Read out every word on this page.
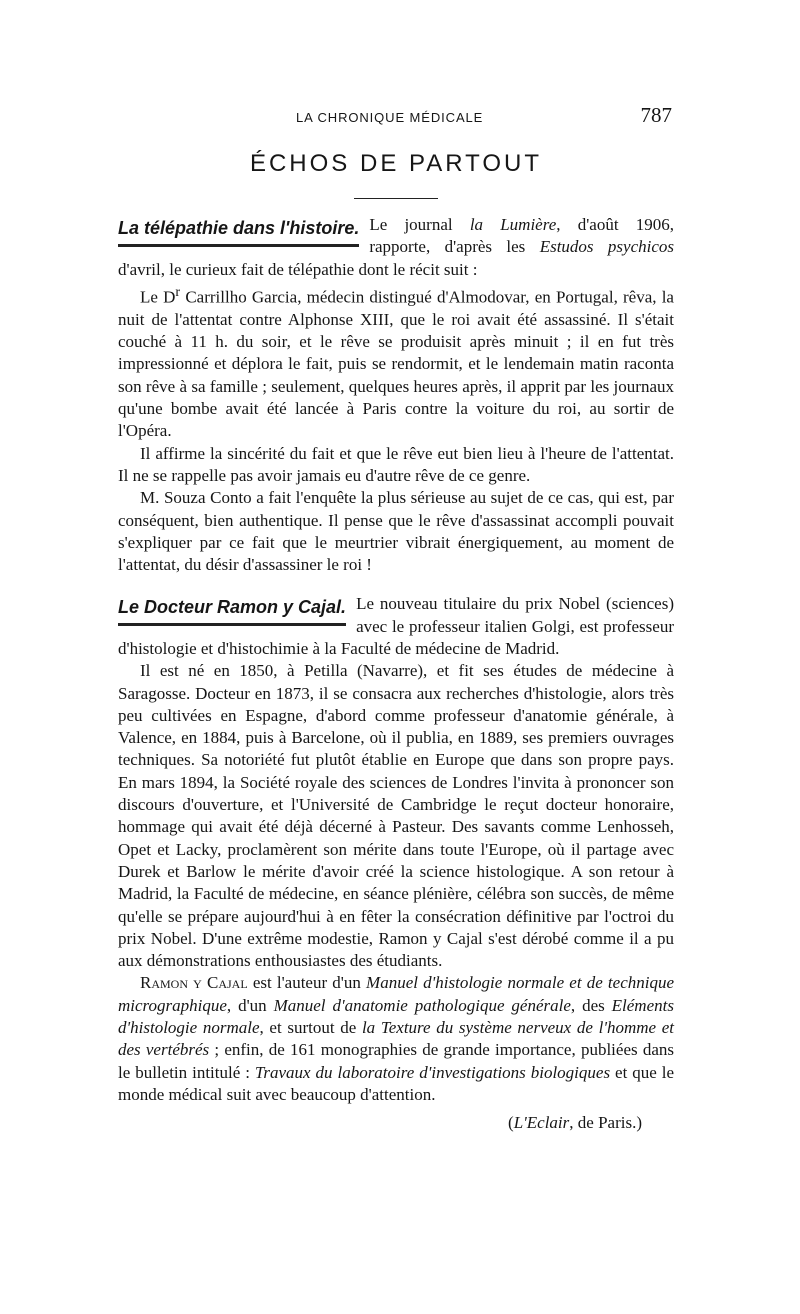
LA CHRONIQUE MÉDICALE	787
ÉCHOS DE PARTOUT
La télépathie dans l'histoire. Le journal la Lumière, d'août 1906, rapporte, d'après les Estudos psychicos d'avril, le curieux fait de télépathie dont le récit suit :

Le $D^r$ Carrillho Garcia, médecin distingué d'Almodovar, en Portugal, rêva, la nuit de l'attentat contre Alphonse XIII, que le roi avait été assassiné. Il s'était couché à 11 h. du soir, et le rêve se produisit après minuit ; il en fut très impressionné et déplora le fait, puis se rendormit, et le lendemain matin raconta son rêve à sa famille ; seulement, quelques heures après, il apprit par les journaux qu'une bombe avait été lancée à Paris contre la voiture du roi, au sortir de l'Opéra.

Il affirme la sincérité du fait et que le rêve eut bien lieu à l'heure de l'attentat. Il ne se rappelle pas avoir jamais eu d'autre rêve de ce genre.

M. Souza Conto a fait l'enquête la plus sérieuse au sujet de ce cas, qui est, par conséquent, bien authentique. Il pense que le rêve d'assassinat accompli pouvait s'expliquer par ce fait que le meurtrier vibrait énergiquement, au moment de l'attentat, du désir d'assassiner le roi !

Le Docteur Ramon y Cajal. Le nouveau titulaire du prix Nobel (sciences) avec le professeur italien Golgi, est professeur d'histologie et d'histochimie à la Faculté de médecine de Madrid.

Il est né en 1850, à Petilla (Navarre), et fit ses études de médecine à Saragosse. Docteur en 1873, il se consacra aux recherches d'histologie, alors très peu cultivées en Espagne, d'abord comme professeur d'anatomie générale, à Valence, en 1884, puis à Barcelone, où il publia, en 1889, ses premiers ouvrages techniques. Sa notoriété fut plutôt établie en Europe que dans son propre pays. En mars 1894, la Société royale des sciences de Londres l'invita à prononcer son discours d'ouverture, et l'Université de Cambridge le reçut docteur honoraire, hommage qui avait été déjà décerné à Pasteur. Des savants comme Lenhosseh, Opet et Lacky, proclamèrent son mérite dans toute l'Europe, où il partage avec Durek et Barlow le mérite d'avoir créé la science histologique. A son retour à Madrid, la Faculté de médecine, en séance plénière, célébra son succès, de même qu'elle se prépare aujourd'hui à en fêter la consécration définitive par l'octroi du prix Nobel. D'une extrême modestie, Ramon y Cajal s'est dérobé comme il a pu aux démonstrations enthousiastes des étudiants.

Ramon y Cajal est l'auteur d'un Manuel d'histologie normale et de technique micrographique, d'un Manuel d'anatomie pathologique générale, des Eléments d'histologie normale, et surtout de la Texture du système nerveux de l'homme et des vertébrés ; enfin, de 161 monographies de grande importance, publiées dans le bulletin intitulé : Travaux du laboratoire d'investigations biologiques et que le monde médical suit avec beaucoup d'attention.

(L'Eclair, de Paris.)
